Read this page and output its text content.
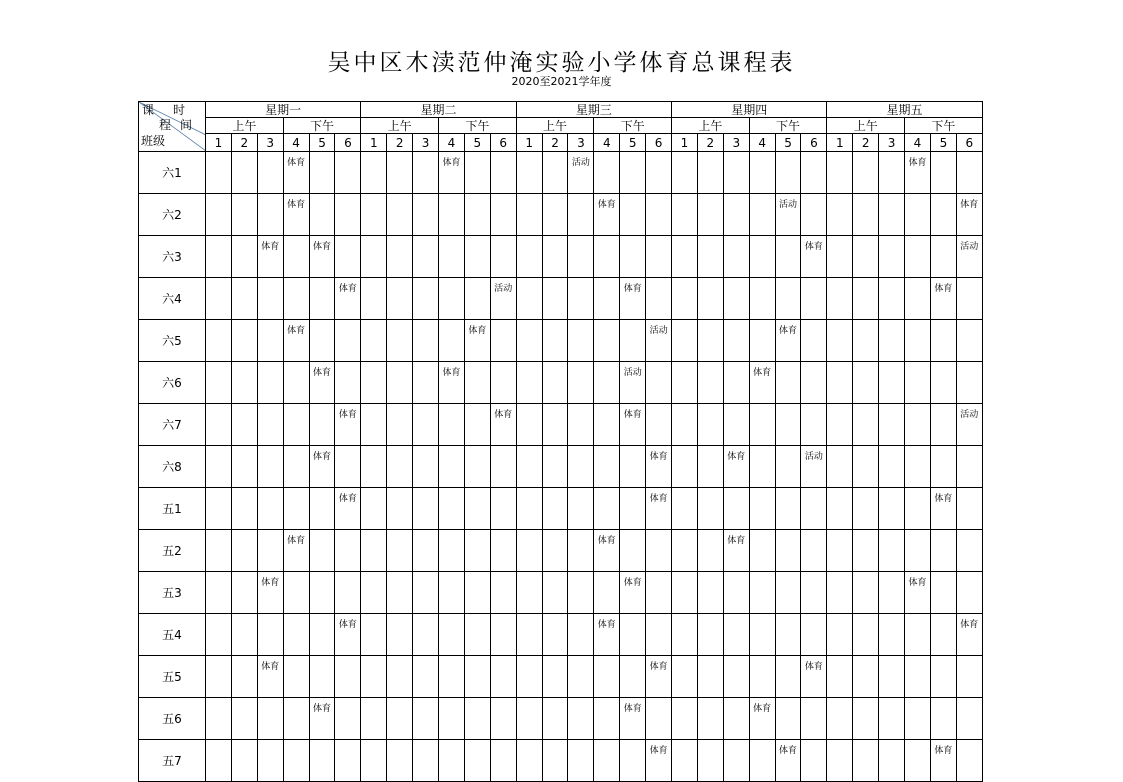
吴中区木渎范仲淹实验小学体育总课程表
2020至2021学年度
课 时
程 间
班级	星期一						星期二						星期三						星期四						星期五					
	上午			下午			上午			下午			上午			下午			上午			下午			上午			下午		
	1	2	3	4	5	6	1	2	3	4	5	6	1	2	3	4	5	6	1	2	3	4	5	6	1	2	3	4	5	6
六1				体育						体育					活动													体育		
六2				体育												体育							活动							体育
六3			体育		体育																			体育						活动
六4						体育						活动					体育												体育	
六5				体育							体育							活动					体育							
六6					体育					体育							活动					体育								
六7						体育						体育					体育													活动
六8					体育													体育			体育			活动						
五1						体育												体育											体育	
五2				体育												体育					体育									
五3			体育														体育											体育		
五4						体育										体育														体育
五5			体育															体育						体育						
五6					体育												体育					体育								
五7																		体育					体育						体育	
